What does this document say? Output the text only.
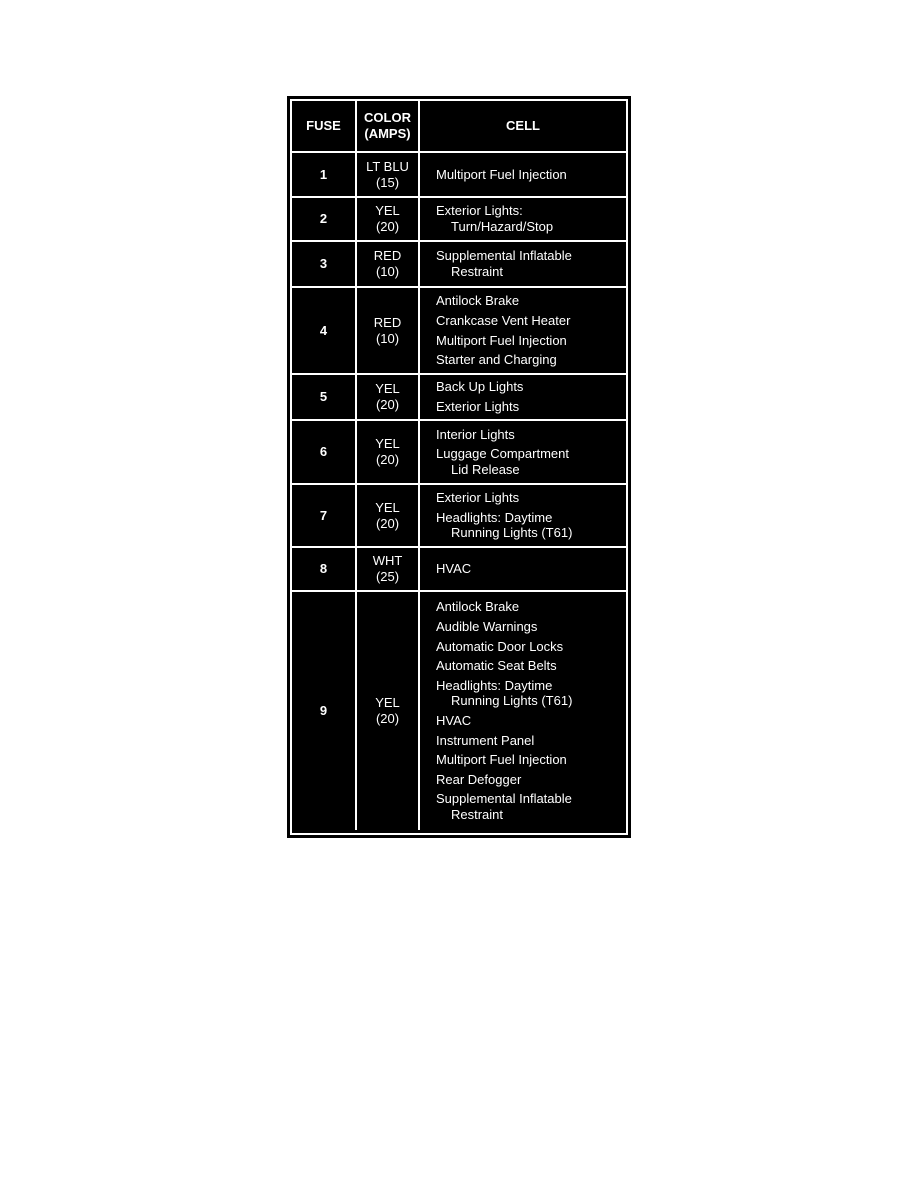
FUSE
COLOR
(AMPS)
CELL
1
LT BLU
(15)
Multiport Fuel Injection
2
YEL
(20)
Exterior Lights:
Turn/Hazard/Stop
3
RED
(10)
Supplemental Inflatable
Restraint
4
RED
(10)
Antilock Brake
Crankcase Vent Heater
Multiport Fuel Injection
Starter and Charging
5
YEL
(20)
Back Up Lights
Exterior Lights
6
YEL
(20)
Interior Lights
Luggage Compartment
Lid Release
7
YEL
(20)
Exterior Lights
Headlights: Daytime
Running Lights (T61)
8
WHT
(25)
HVAC
9
YEL
(20)
Antilock Brake
Audible Warnings
Automatic Door Locks
Automatic Seat Belts
Headlights: Daytime
Running Lights (T61)
HVAC
Instrument Panel
Multiport Fuel Injection
Rear Defogger
Supplemental Inflatable
Restraint
